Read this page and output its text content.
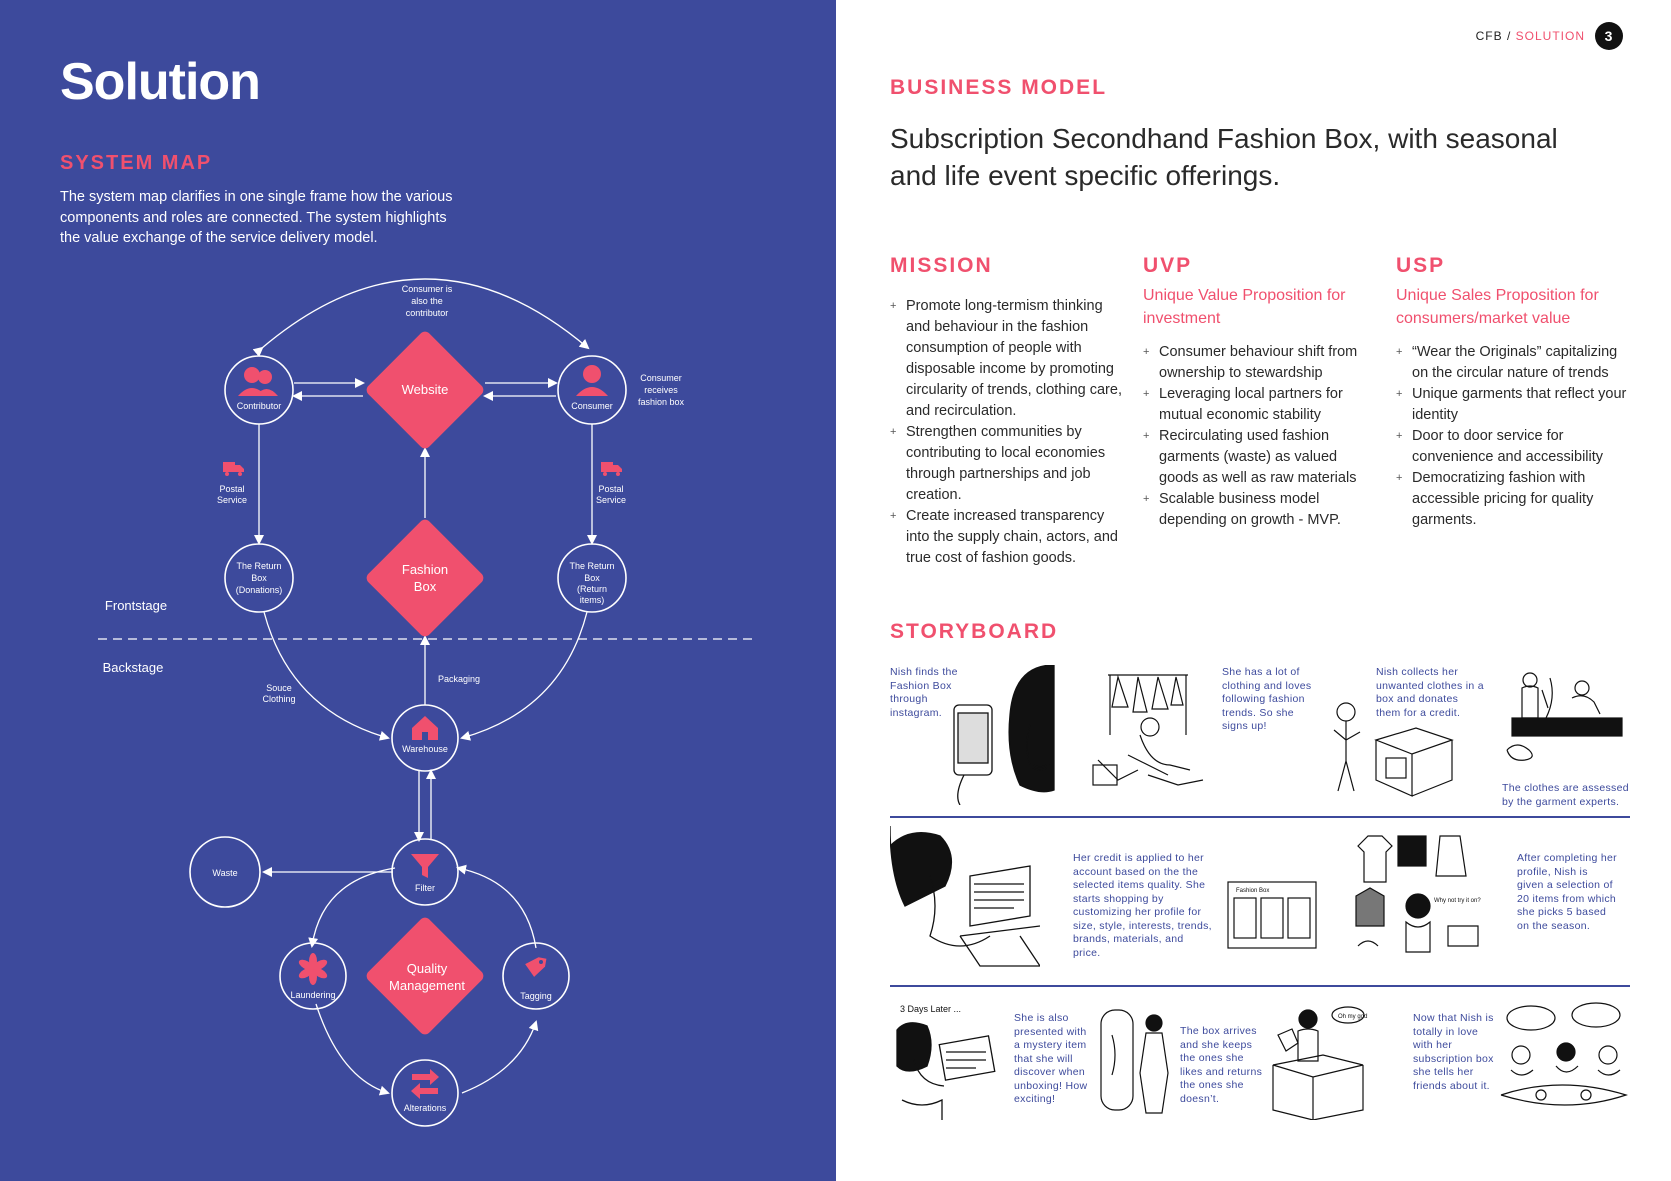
Solution
SYSTEM MAP
The system map clarifies in one single frame how the various components and roles are connected. The system highlights the value exchange of the service delivery model.
Contributor	Consumer
Website
Consumer is
also the
contributor
Consumer
receives
fashion box
Postal
Service
Postal
Service
The Return
Box
(Donations)
The Return
Box
(Return
items)
Fashion
Box
Frontstage
Backstage
Souce
Clothing
Packaging
Warehouse
Waste
Filter
Laundering
Quality
Management
Tagging
Alterations
CFB / SOLUTION	3
BUSINESS MODEL
Subscription Secondhand Fashion Box, with seasonal and life event specific offerings.
MISSION
+ Promote long-termism thinking and behaviour in the fashion consumption of people with disposable income by promoting circularity of trends, clothing care, and recirculation.
+ Strengthen communities by contributing to local economies through partnerships and job creation.
+ Create increased transparency into the supply chain, actors, and true cost of fashion goods.
UVP
Unique Value Proposition for investment
+ Consumer behaviour shift from ownership to stewardship
+ Leveraging local partners for mutual economic stability
+ Recirculating used fashion garments (waste) as valued goods as well as raw materials
+ Scalable business model depending on growth - MVP.
USP
Unique Sales Proposition for consumers/market value
+ “Wear the Originals” capitalizing on the circular nature of trends
+ Unique garments that reflect your identity
+ Door to door service for convenience and accessibility
+ Democratizing fashion with accessible pricing for quality garments.
STORYBOARD
Nish finds the Fashion Box through instagram.
She has a lot of clothing and loves following fashion trends. So she signs up!
Nish collects her unwanted clothes in a box and donates them for a credit.
The clothes are assessed by the garment experts.
Her credit is applied to her account based on the the selected items quality. She starts shopping by customizing her profile for size, style, interests, trends, brands, materials, and price.
Fashion Box
Why not try it on?
After completing her profile, Nish is given a selection of 20 items from which she picks 5 based on the season.
3 Days Later ...
She is also presented with a mystery item that she will discover when unboxing! How exciting!
The box arrives and she keeps the ones she likes and returns the ones she doesn’t.
Oh my god!	Now that Nish is totally in love with her subscription box she tells her friends about it.
